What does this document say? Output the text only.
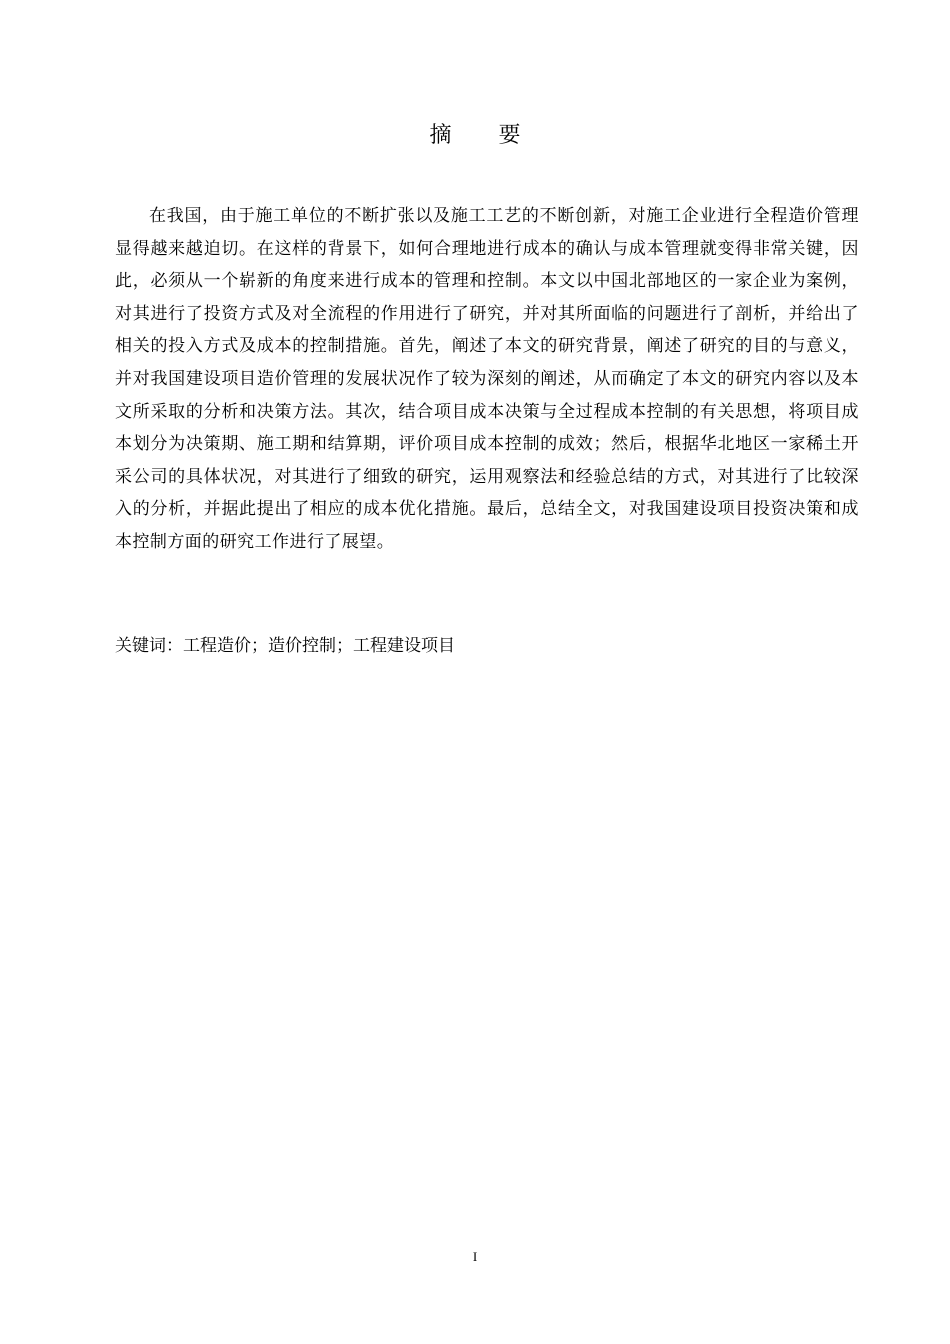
摘 要

在我国，由于施工单位的不断扩张以及施工工艺的不断创新，对施工企业进行全程造价管理显得越来越迫切。在这样的背景下，如何合理地进行成本的确认与成本管理就变得非常关键，因此，必须从一个崭新的角度来进行成本的管理和控制。本文以中国北部地区的一家企业为案例，对其进行了投资方式及对全流程的作用进行了研究，并对其所面临的问题进行了剖析，并给出了相关的投入方式及成本的控制措施。首先，阐述了本文的研究背景，阐述了研究的目的与意义，并对我国建设项目造价管理的发展状况作了较为深刻的阐述，从而确定了本文的研究内容以及本文所采取的分析和决策方法。其次，结合项目成本决策与全过程成本控制的有关思想，将项目成本划分为决策期、施工期和结算期，评价项目成本控制的成效；然后，根据华北地区一家稀土开采公司的具体状况，对其进行了细致的研究，运用观察法和经验总结的方式，对其进行了比较深入的分析，并据此提出了相应的成本优化措施。最后，总结全文，对我国建设项目投资决策和成本控制方面的研究工作进行了展望。

关键词：工程造价；造价控制；工程建设项目

I
